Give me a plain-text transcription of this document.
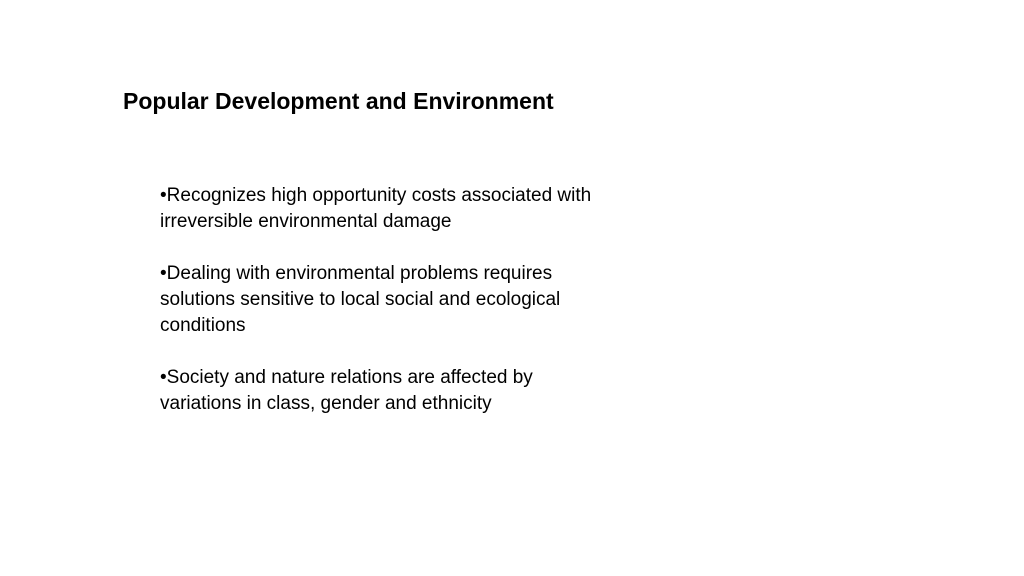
Popular Development and Environment
•Recognizes high opportunity costs associated with irreversible environmental damage
•Dealing with environmental problems requires solutions sensitive to local social and ecological conditions
•Society and nature relations are affected by variations in class, gender and ethnicity
